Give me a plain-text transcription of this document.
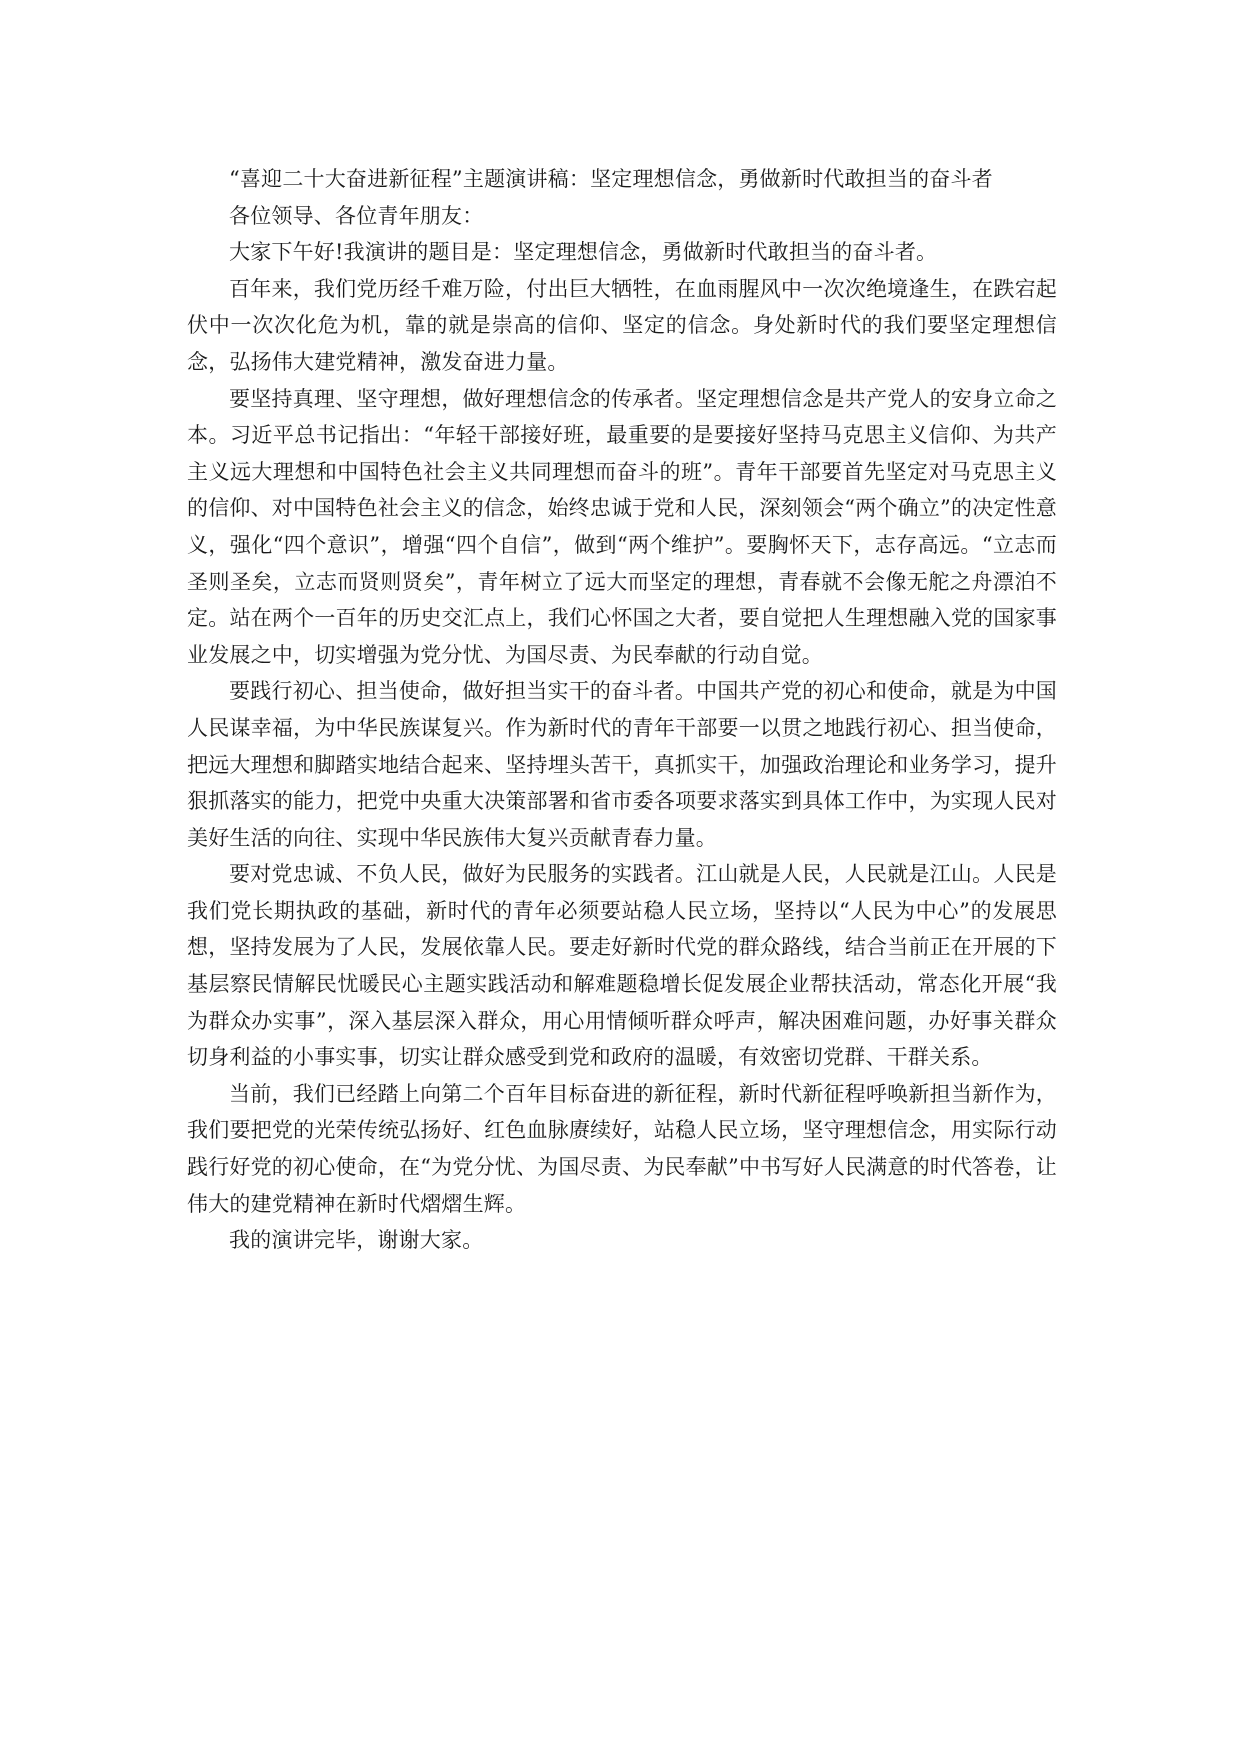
“喜迎二十大奋进新征程”主题演讲稿：坚定理想信念，勇做新时代敢担当的奋斗者

各位领导、各位青年朋友：

大家下午好!我演讲的题目是：坚定理想信念，勇做新时代敢担当的奋斗者。

百年来，我们党历经千难万险，付出巨大牺牲，在血雨腥风中一次次绝境逢生，在跌宕起伏中一次次化危为机，靠的就是崇高的信仰、坚定的信念。身处新时代的我们要坚定理想信念，弘扬伟大建党精神，激发奋进力量。

要坚持真理、坚守理想，做好理想信念的传承者。坚定理想信念是共产党人的安身立命之本。习近平总书记指出：“年轻干部接好班，最重要的是要接好坚持马克思主义信仰、为共产主义远大理想和中国特色社会主义共同理想而奋斗的班”。青年干部要首先坚定对马克思主义的信仰、对中国特色社会主义的信念，始终忠诚于党和人民，深刻领会“两个确立”的决定性意义，强化“四个意识”，增强“四个自信”，做到“两个维护”。要胸怀天下，志存高远。“立志而圣则圣矣，立志而贤则贤矣”，青年树立了远大而坚定的理想，青春就不会像无舵之舟漂泊不定。站在两个一百年的历史交汇点上，我们心怀国之大者，要自觉把人生理想融入党的国家事业发展之中，切实增强为党分忧、为国尽责、为民奉献的行动自觉。

要践行初心、担当使命，做好担当实干的奋斗者。中国共产党的初心和使命，就是为中国人民谋幸福，为中华民族谋复兴。作为新时代的青年干部要一以贯之地践行初心、担当使命，把远大理想和脚踏实地结合起来、坚持埋头苦干，真抓实干，加强政治理论和业务学习，提升狠抓落实的能力，把党中央重大决策部署和省市委各项要求落实到具体工作中，为实现人民对美好生活的向往、实现中华民族伟大复兴贡献青春力量。

要对党忠诚、不负人民，做好为民服务的实践者。江山就是人民，人民就是江山。人民是我们党长期执政的基础，新时代的青年必须要站稳人民立场，坚持以“人民为中心”的发展思想，坚持发展为了人民，发展依靠人民。要走好新时代党的群众路线，结合当前正在开展的下基层察民情解民忧暖民心主题实践活动和解难题稳增长促发展企业帮扶活动，常态化开展“我为群众办实事”，深入基层深入群众，用心用情倾听群众呼声，解决困难问题，办好事关群众切身利益的小事实事，切实让群众感受到党和政府的温暖，有效密切党群、干群关系。

当前，我们已经踏上向第二个百年目标奋进的新征程，新时代新征程呼唤新担当新作为，我们要把党的光荣传统弘扬好、红色血脉赓续好，站稳人民立场，坚守理想信念，用实际行动践行好党的初心使命，在“为党分忧、为国尽责、为民奉献”中书写好人民满意的时代答卷，让伟大的建党精神在新时代熠熠生辉。

我的演讲完毕，谢谢大家。
